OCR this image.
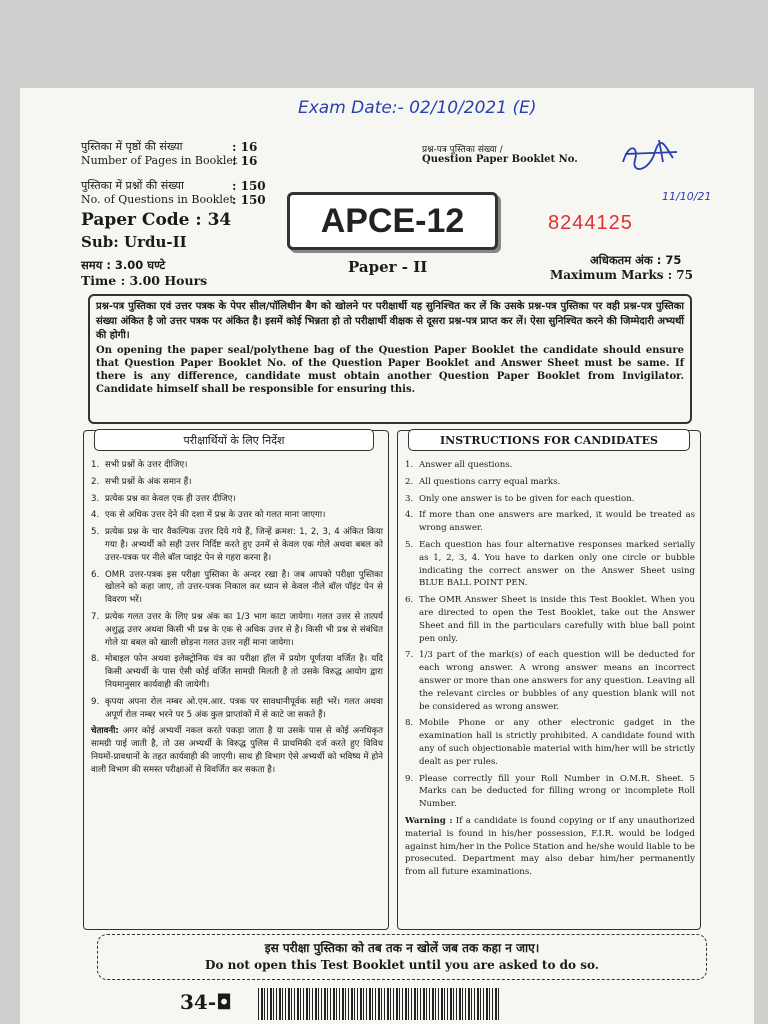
Exam Date:- 02/10/2021 (E)
11/10/21
पुस्तिका में पृष्ठों की संख्या
Number of Pages in Booklet
: 16
: 16
पुस्तिका में प्रश्नों की संख्या
No. of Questions in Booklet
: 150
: 150
Paper Code : 34
Sub: Urdu-II
समय : 3.00 घण्टे
Time : 3.00 Hours
प्रश्न-पत्र पुस्तिका संख्या /
Question Paper Booklet No.
APCE-12	8244125
Paper - II	अधिकतम अंक : 75
Maximum Marks : 75

प्रश्न-पत्र पुस्तिका एवं उत्तर पत्रक के पेपर सील/पॉलिथीन बैग को खोलने पर परीक्षार्थी यह सुनिश्चित कर लें कि उसके प्रश्न-पत्र पुस्तिका पर वही प्रश्न-पत्र पुस्तिका संख्या अंकित है जो उत्तर पत्रक पर अंकित है। इसमें कोई भिन्नता हो तो परीक्षार्थी वीक्षक से दूसरा प्रश्न-पत्र प्राप्त कर लें। ऐसा सुनिश्चित करने की जिम्मेदारी अभ्यर्थी की होगी।

On opening the paper seal/polythene bag of the Question Paper Booklet the candidate should ensure that Question Paper Booklet No. of the Question Paper Booklet and Answer Sheet must be same. If there is any difference, candidate must obtain another Question Paper Booklet from Invigilator. Candidate himself shall be responsible for ensuring this.

परीक्षार्थियों के लिए निर्देश
1. सभी प्रश्नों के उत्तर दीजिए।
2. सभी प्रश्नों के अंक समान हैं।
3. प्रत्येक प्रश्न का केवल एक ही उत्तर दीजिए।
4. एक से अधिक उत्तर देने की दशा में प्रश्न के उत्तर को गलत माना जाएगा।
5. प्रत्येक प्रश्न के चार वैकल्पिक उत्तर दिये गये हैं, जिन्हें क्रमश: 1, 2, 3, 4 अंकित किया गया है। अभ्यर्थी को सही उत्तर निर्दिष्ट करते हुए उनमें से केवल एक गोले अथवा बबल को उत्तर-पत्रक पर नीले बॉल प्वाइंट पेन से गहरा करना है।
6. OMR उत्तर-पत्रक इस परीक्षा पुस्तिका के अन्दर रखा है। जब आपको परीक्षा पुस्तिका खोलने को कहा जाए, तो उत्तर-पत्रक निकाल कर ध्यान से केवल नीले बॉल पॉइंट पेन से विवरण भरें।
7. प्रत्येक गलत उत्तर के लिए प्रश्न अंक का 1/3 भाग काटा जायेगा। गलत उत्तर से तात्पर्य अशुद्ध उत्तर अथवा किसी भी प्रश्न के एक से अधिक उत्तर से है। किसी भी प्रश्न से संबंधित गोले या बबल को खाली छोड़ना गलत उत्तर नहीं माना जायेगा।
8. मोबाइल फोन अथवा इलेक्ट्रोनिक यंत्र का परीक्षा हॉल में प्रयोग पूर्णतया वर्जित है। यदि किसी अभ्यर्थी के पास ऐसी कोई वर्जित सामग्री मिलती है तो उसके विरुद्ध आयोग द्वारा नियमानुसार कार्यवाही की जायेगी।
9. कृपया अपना रोल नम्बर ओ.एम.आर. पत्रक पर सावधानीपूर्वक सही भरें। गलत अथवा अपूर्ण रोल नम्बर भरने पर 5 अंक कुल प्राप्तांकों में से काटे जा सकते हैं।
चेतावनी: अगर कोई अभ्यर्थी नकल करते पकड़ा जाता है या उसके पास से कोई अनधिकृत सामग्री पाई जाती है, तो उस अभ्यर्थी के विरुद्ध पुलिस में प्राथमिकी दर्ज करते हुए विविध नियमों-प्रावधानों के तहत कार्यवाही की जाएगी। साथ ही विभाग ऐसे अभ्यर्थी को भविष्य में होने वाली विभाग की समस्त परीक्षाओं से विवर्जित कर सकता है।
INSTRUCTIONS FOR CANDIDATES
1. Answer all questions.
2. All questions carry equal marks.
3. Only one answer is to be given for each question.
4. If more than one answers are marked, it would be treated as wrong answer.
5. Each question has four alternative responses marked serially as 1, 2, 3, 4. You have to darken only one circle or bubble indicating the correct answer on the Answer Sheet using BLUE BALL POINT PEN.
6. The OMR Answer Sheet is inside this Test Booklet. When you are directed to open the Test Booklet, take out the Answer Sheet and fill in the particulars carefully with blue ball point pen only.
7. 1/3 part of the mark(s) of each question will be deducted for each wrong answer. A wrong answer means an incorrect answer or more than one answers for any question. Leaving all the relevant circles or bubbles of any question blank will not be considered as wrong answer.
8. Mobile Phone or any other electronic gadget in the examination hall is strictly prohibited. A candidate found with any of such objectionable material with him/her will be strictly dealt as per rules.
9. Please correctly fill your Roll Number in O.M.R. Sheet. 5 Marks can be deducted for filling wrong or incomplete Roll Number.
Warning : If a candidate is found copying or if any unauthorized material is found in his/her possession, F.I.R. would be lodged against him/her in the Police Station and he/she would liable to be prosecuted. Department may also debar him/her permanently from all future examinations.
इस परीक्षा पुस्तिका को तब तक न खोलें जब तक कहा न जाए।
Do not open this Test Booklet until you are asked to do so.
34-◘
